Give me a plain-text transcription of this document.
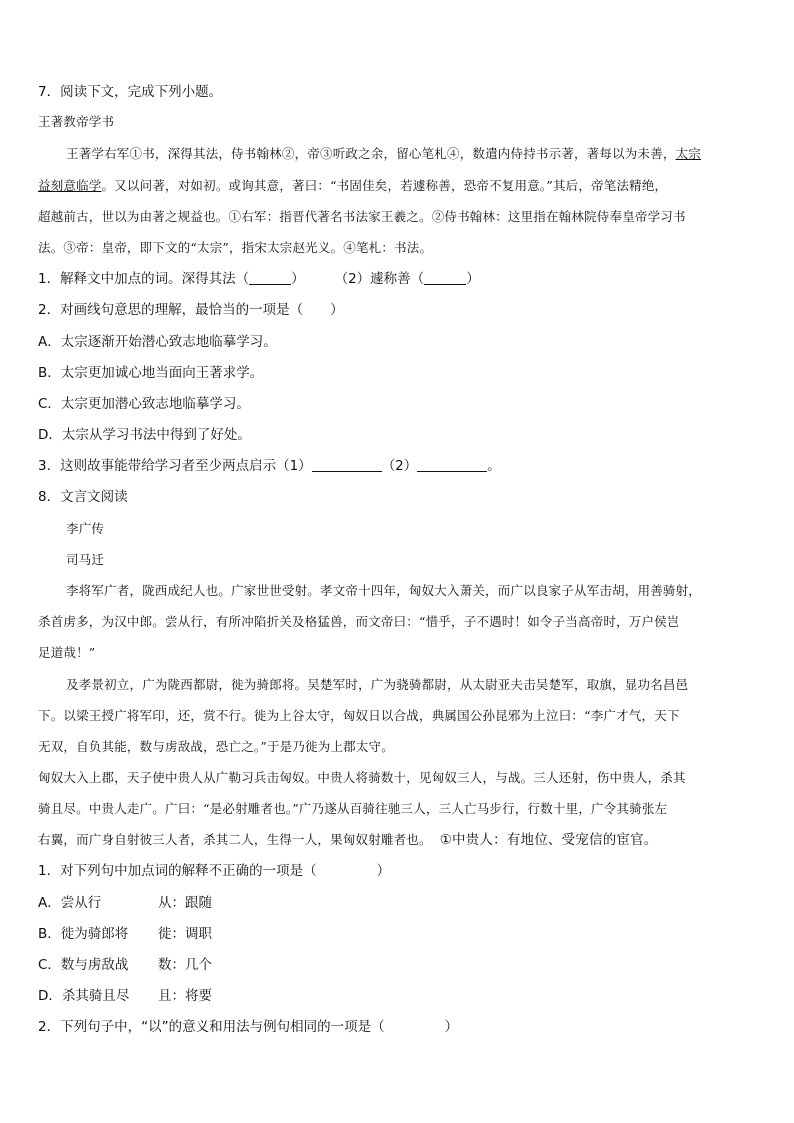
7．阅读下文，完成下列小题。
王著教帝学书
王著学右军①书，深得其法，侍书翰林②，帝③听政之余，留心笔札④，数遣内侍持书示著，著每以为未善，太宗
益刻意临学。又以问著，对如初。或询其意，著曰：“书固佳矣，若遽称善，恐帝不复用意。”其后，帝笔法精绝，
超越前古，世以为由著之规益也。①右军：指晋代著名书法家王羲之。②侍书翰林：这里指在翰林院侍奉皇帝学习书
法。③帝：皇帝，即下文的“太宗”，指宋太宗赵光义。④笔札：书法。
1．解释文中加点的词。深得其法（	） （2）遽称善（	）
2．对画线句意思的理解，最恰当的一项是（　　）
A．太宗逐渐开始潜心致志地临摹学习。
B．太宗更加诚心地当面向王著求学。
C．太宗更加潜心致志地临摹学习。
D．太宗从学习书法中得到了好处。
3．这则故事能带给学习者至少两点启示（1）	（2）	。
8．文言文阅读
李广传
司马迁
李将军广者，陇西成纪人也。广家世世受射。孝文帝十四年，匈奴大入萧关，而广以良家子从军击胡，用善骑射，
杀首虏多，为汉中郎。尝从行，有所冲陷折关及格猛兽，而文帝曰：“惜乎，子不遇时！如令子当高帝时，万户侯岂
足道哉！”
及孝景初立，广为陇西都尉，徙为骑郎将。吴楚军时，广为骁骑都尉，从太尉亚夫击吴楚军，取旗，显功名昌邑
下。以梁王授广将军印，还，赏不行。徙为上谷太守，匈奴日以合战，典属国公孙昆邪为上泣曰：“李广才气，天下
无双，自负其能，数与虏敌战，恐亡之。”于是乃徙为上郡太守。
匈奴大入上郡，天子使中贵人从广勒习兵击匈奴。中贵人将骑数十，见匈奴三人，与战。三人还射，伤中贵人，杀其
骑且尽。中贵人走广。广曰：“是必射雕者也。”广乃遂从百骑往驰三人，三人亡马步行，行数十里，广令其骑张左
右翼，而广身自射彼三人者，杀其二人，生得一人，果匈奴射雕者也。 ①中贵人：有地位、受宠信的宦官。
1．对下列句中加点词的解释不正确的一项是（	）
A．尝从行	从：跟随
B．徙为骑郎将 徙：调职
C．数与虏敌战 数：几个
D．杀其骑且尽 且：将要
2．下列句子中，“以”的意义和用法与例句相同的一项是（	）
